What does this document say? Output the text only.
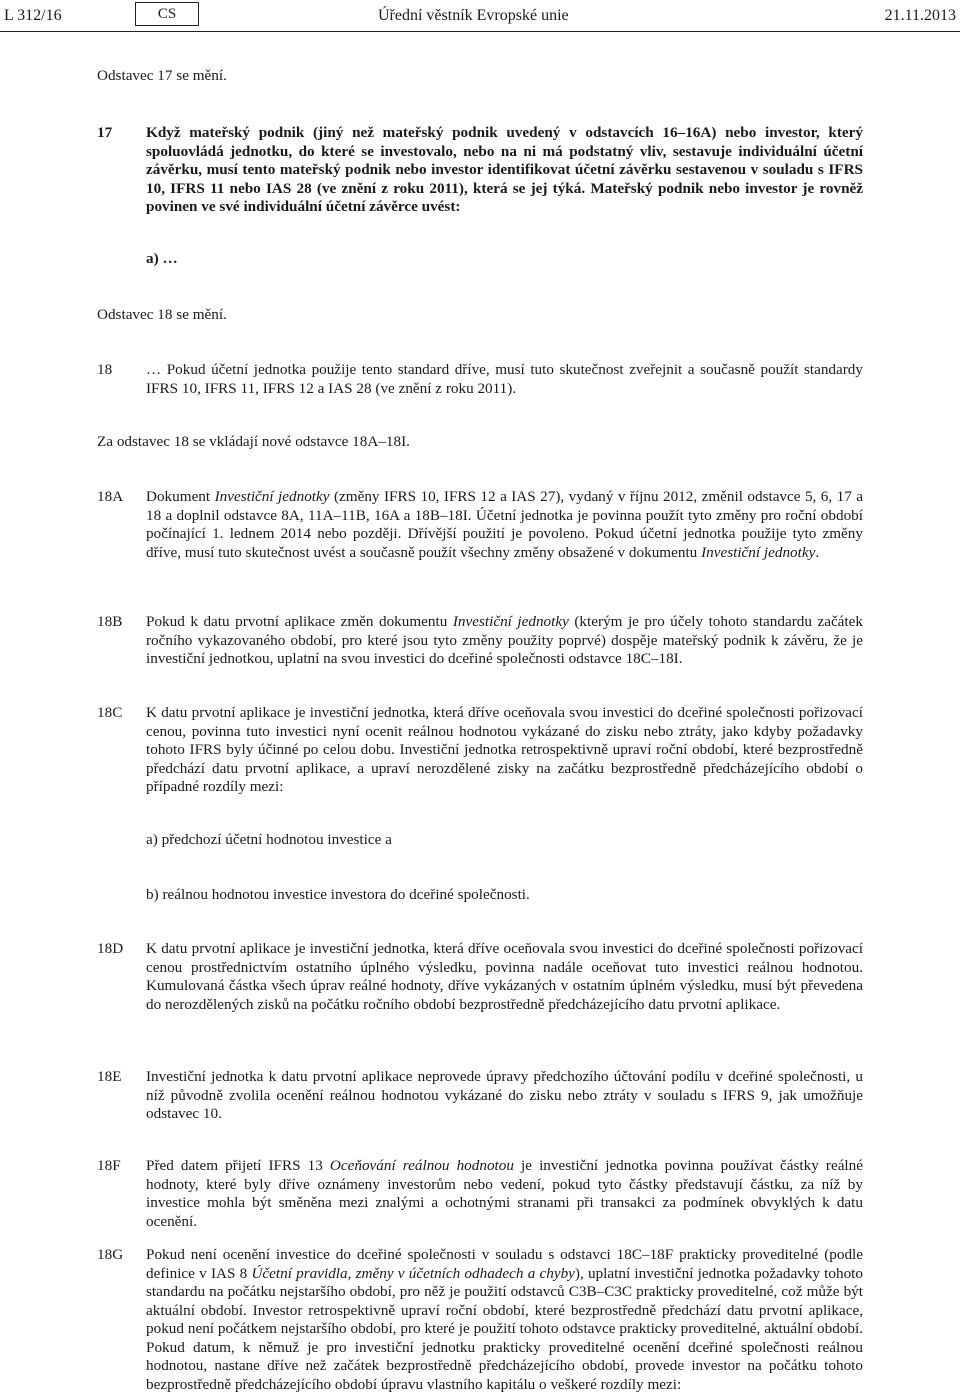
L 312/16	CS	Úřední věstník Evropské unie	21.11.2013
Odstavec 17 se mění.
17 Když mateřský podnik (jiný než mateřský podnik uvedený v odstavcích 16–16A) nebo investor, který spoluovládá jednotku, do které se investovalo, nebo na ni má podstatný vliv, sestavuje individuální účetní závěrku, musí tento mateřský podnik nebo investor identifikovat účetní závěrku sestavenou v souladu s IFRS 10, IFRS 11 nebo IAS 28 (ve znění z roku 2011), která se jej týká. Mateřský podnik nebo investor je rovněž povinen ve své individuální účetní závěrce uvést:
a) …
Odstavec 18 se mění.
18 … Pokud účetní jednotka použije tento standard dříve, musí tuto skutečnost zveřejnit a současně použít standardy IFRS 10, IFRS 11, IFRS 12 a IAS 28 (ve znění z roku 2011).
Za odstavec 18 se vkládají nové odstavce 18A–18I.
18A Dokument Investiční jednotky (změny IFRS 10, IFRS 12 a IAS 27), vydaný v říjnu 2012, změnil odstavce 5, 6, 17 a 18 a doplnil odstavce 8A, 11A–11B, 16A a 18B–18I. Účetní jednotka je povinna použít tyto změny pro roční období počínající 1. lednem 2014 nebo později. Dřívější použití je povoleno. Pokud účetní jednotka použije tyto změny dříve, musí tuto skutečnost uvést a současně použít všechny změny obsažené v dokumentu Investiční jednotky.
18B Pokud k datu prvotní aplikace změn dokumentu Investiční jednotky (kterým je pro účely tohoto standardu začátek ročního vykazovaného období, pro které jsou tyto změny použity poprvé) dospěje mateřský podnik k závěru, že je investiční jednotkou, uplatní na svou investici do dceřiné společnosti odstavce 18C–18I.
18C K datu prvotní aplikace je investiční jednotka, která dříve oceňovala svou investici do dceřiné společnosti pořizovací cenou, povinna tuto investici nyní ocenit reálnou hodnotou vykázané do zisku nebo ztráty, jako kdyby požadavky tohoto IFRS byly účinné po celou dobu. Investiční jednotka retrospektivně upraví roční období, které bezprostředně předchází datu prvotní aplikace, a upraví nerozdělené zisky na začátku bezprostředně předcházejícího období o případné rozdíly mezi:
a) předchozí účetní hodnotou investice a
b) reálnou hodnotou investice investora do dceřiné společnosti.
18D K datu prvotní aplikace je investiční jednotka, která dříve oceňovala svou investici do dceřiné společnosti pořizovací cenou prostřednictvím ostatního úplného výsledku, povinna nadále oceňovat tuto investici reálnou hodnotou. Kumulovaná částka všech úprav reálné hodnoty, dříve vykázaných v ostatním úplném výsledku, musí být převedena do nerozdělených zisků na počátku ročního období bezprostředně předcházejícího datu prvotní aplikace.
18E Investiční jednotka k datu prvotní aplikace neprovede úpravy předchozího účtování podílu v dceřiné společnosti, u níž původně zvolila ocenění reálnou hodnotou vykázané do zisku nebo ztráty v souladu s IFRS 9, jak umožňuje odstavec 10.
18F Před datem přijetí IFRS 13 Oceňování reálnou hodnotou je investiční jednotka povinna používat částky reálné hodnoty, které byly dříve oznámeny investorům nebo vedení, pokud tyto částky představují částku, za níž by investice mohla být směněna mezi znalými a ochotnými stranami při transakci za podmínek obvyklých k datu ocenění.
18G Pokud není ocenění investice do dceřiné společnosti v souladu s odstavci 18C–18F prakticky proveditelné (podle definice v IAS 8 Účetní pravidla, změny v účetních odhadech a chyby), uplatní investiční jednotka požadavky tohoto standardu na počátku nejstaršího období, pro něž je použití odstavců C3B–C3C prakticky proveditelné, což může být aktuální období. Investor retrospektivně upraví roční období, které bezprostředně předchází datu prvotní aplikace, pokud není počátkem nejstaršího období, pro které je použití tohoto odstavce prakticky proveditelné, aktuální období. Pokud datum, k němuž je pro investiční jednotku prakticky proveditelné ocenění dceřiné společnosti reálnou hodnotou, nastane dříve než začátek bezprostředně předcházejícího období, provede investor na počátku tohoto bezprostředně předcházejícího období úpravu vlastního kapitálu o veškeré rozdíly mezi:
